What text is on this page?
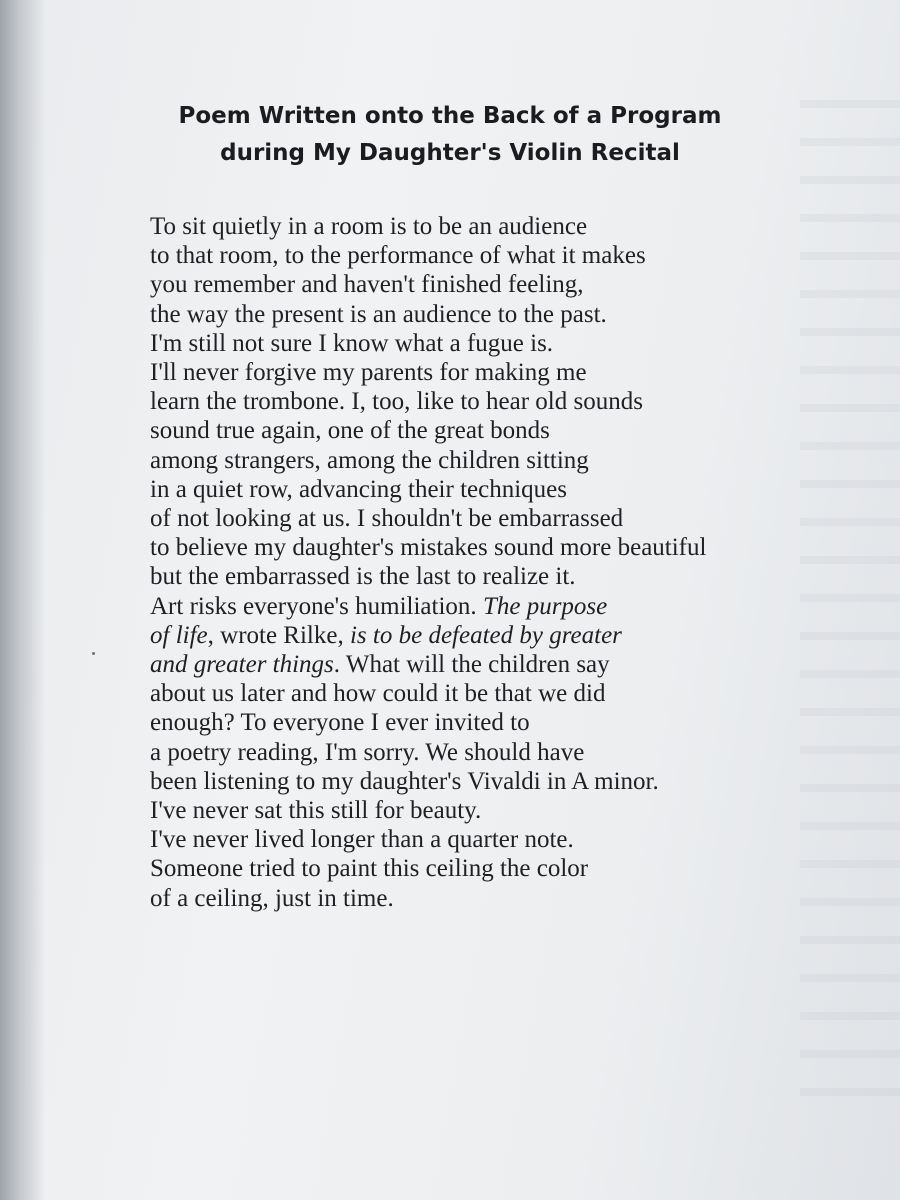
Poem Written onto the Back of a Program
during My Daughter's Violin Recital
To sit quietly in a room is to be an audience
to that room, to the performance of what it makes
you remember and haven't finished feeling,
the way the present is an audience to the past.
I'm still not sure I know what a fugue is.
I'll never forgive my parents for making me
learn the trombone. I, too, like to hear old sounds
sound true again, one of the great bonds
among strangers, among the children sitting
in a quiet row, advancing their techniques
of not looking at us. I shouldn't be embarrassed
to believe my daughter's mistakes sound more beautiful
but the embarrassed is the last to realize it.
Art risks everyone's humiliation. The purpose
of life, wrote Rilke, is to be defeated by greater
and greater things. What will the children say
about us later and how could it be that we did
enough? To everyone I ever invited to
a poetry reading, I'm sorry. We should have
been listening to my daughter's Vivaldi in A minor.
I've never sat this still for beauty.
I've never lived longer than a quarter note.
Someone tried to paint this ceiling the color
of a ceiling, just in time.
